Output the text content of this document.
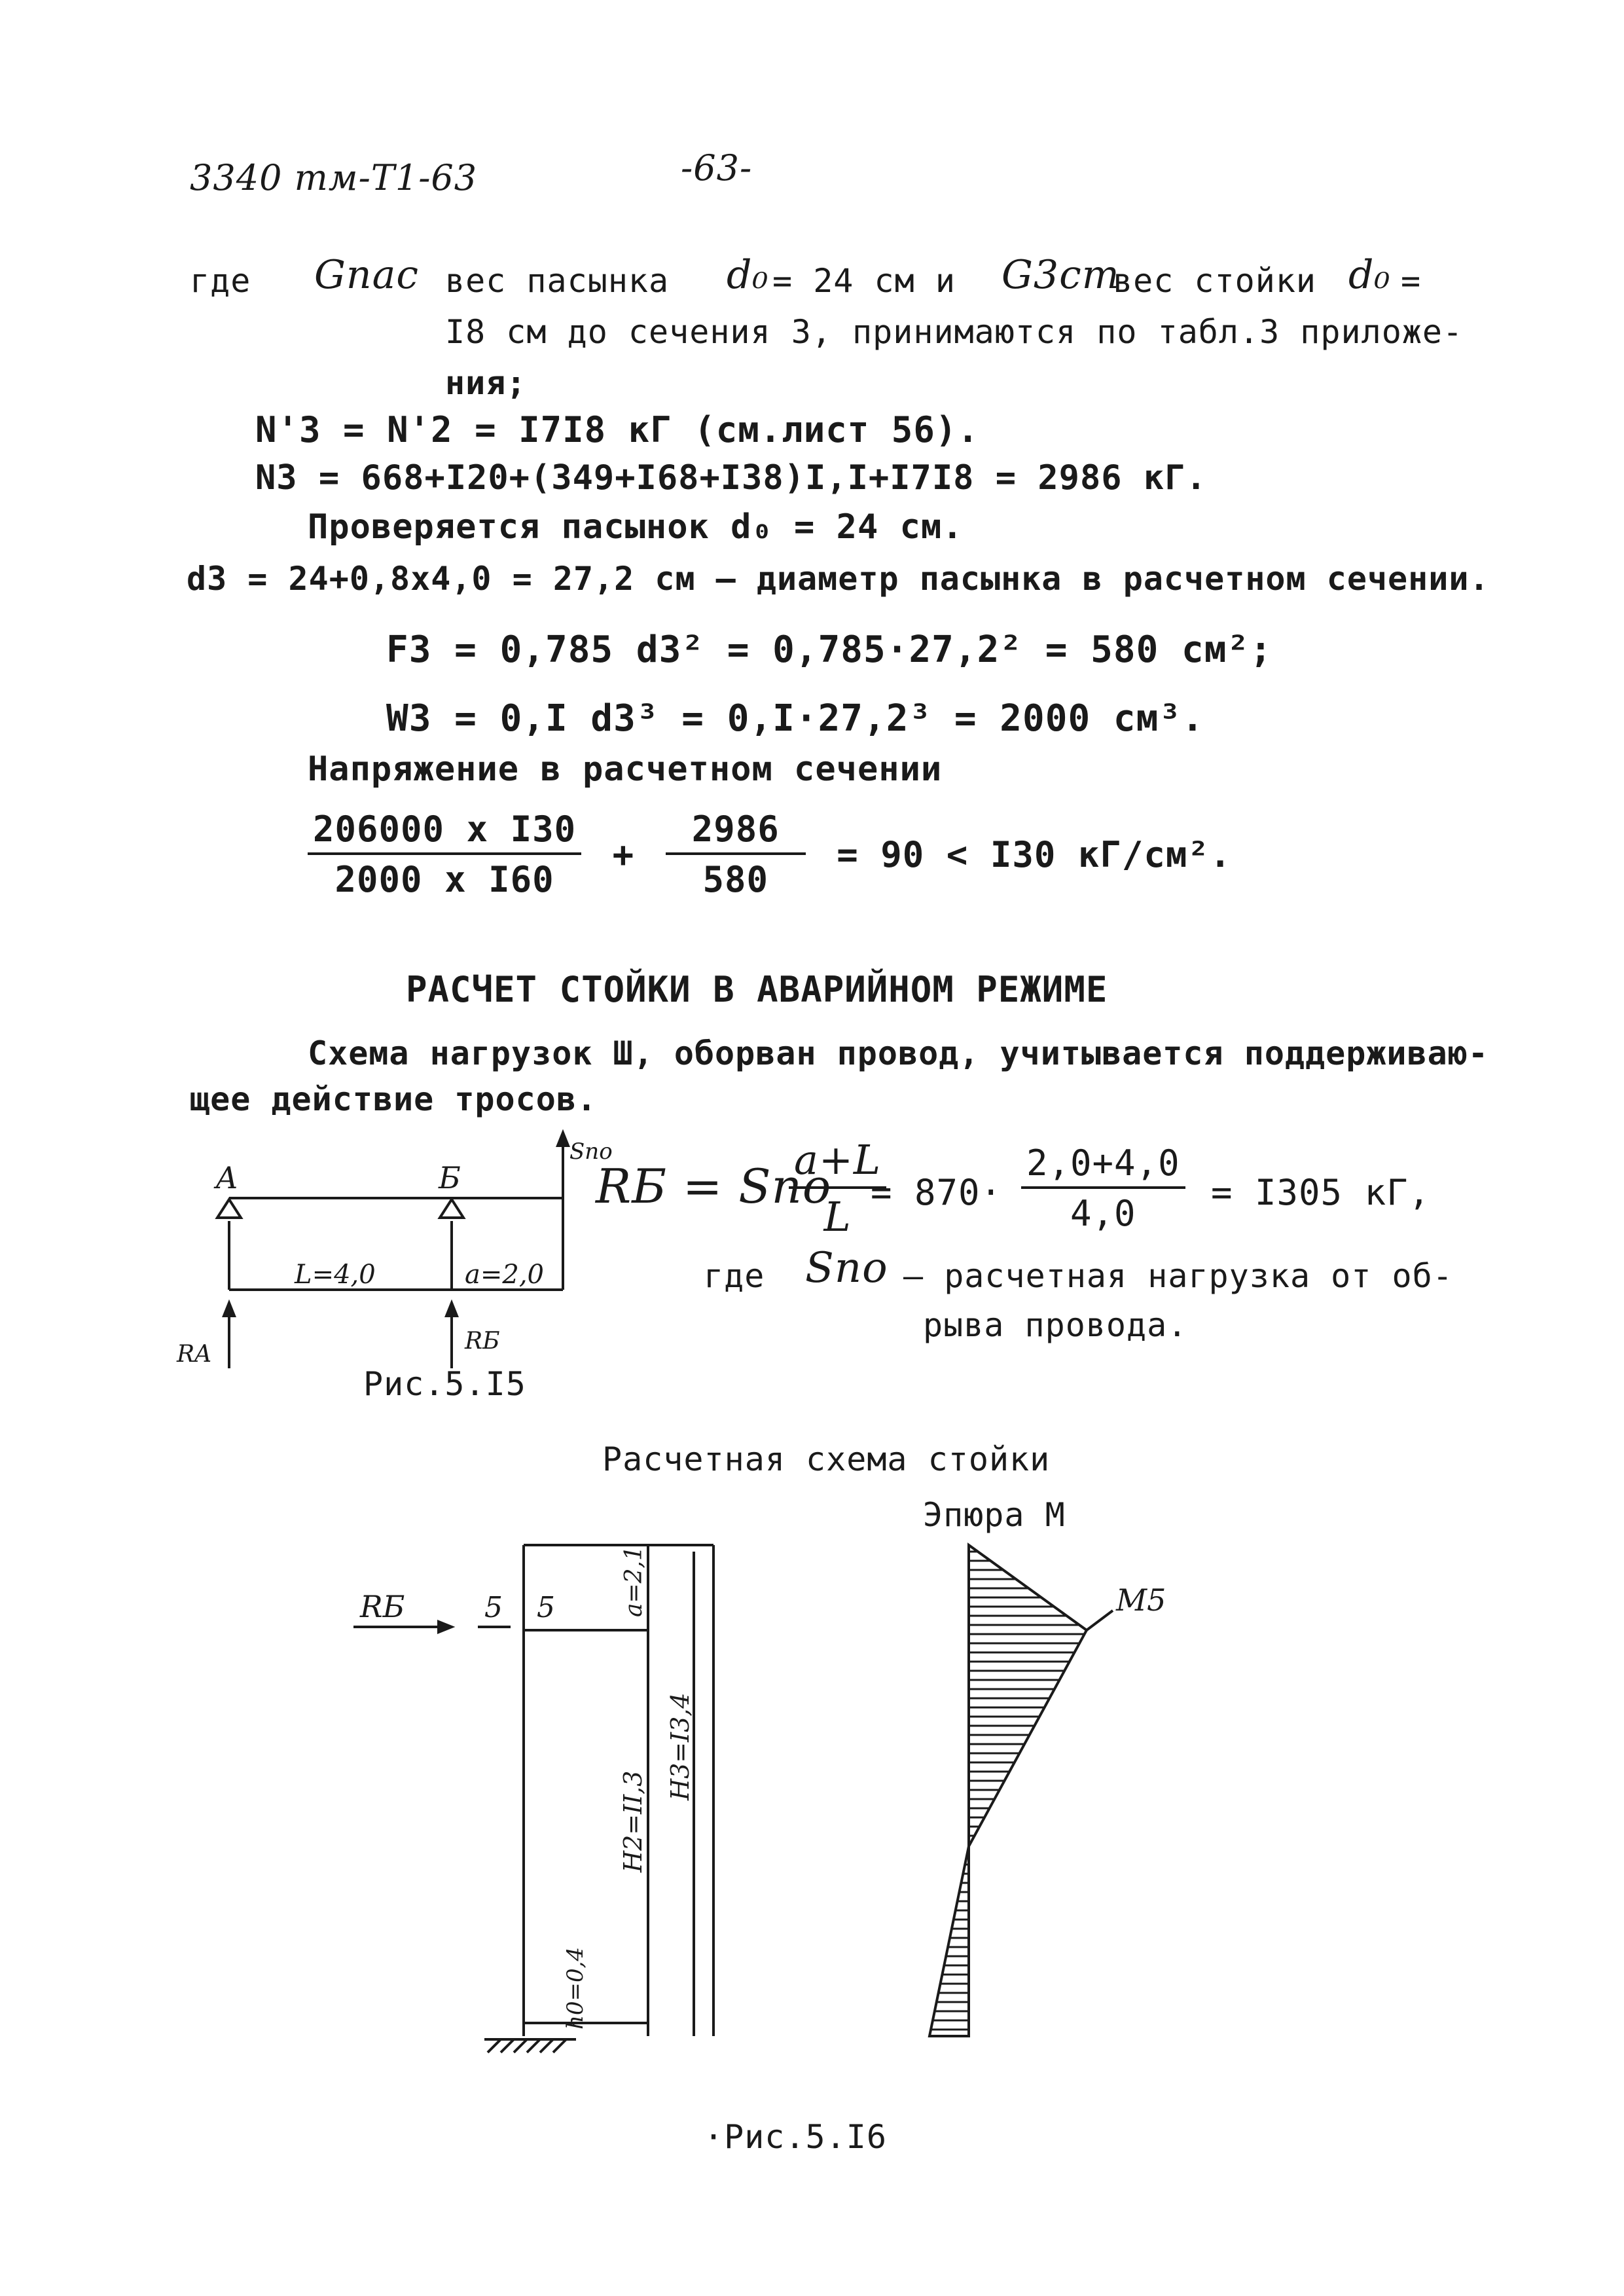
3340 тм-Т1-63	-63-
где Gпас вес пасынка d₀ = 24 см и G3ст
вес стойки d₀ =
I8 см до сечения 3, принимаются по табл.3 приложе-
ния;
N'3 = N'2 = I7I8 кГ (см.лист 56).
N3 = 668+I20+(349+I68+I38)I,I+I7I8 = 2986 кГ.
Проверяется пасынок d₀ = 24 см.
d3 = 24+0,8x4,0 = 27,2 см – диаметр пасынка в расчетном сечении.
F3 = 0,785 d3² = 0,785·27,2² = 580 см²;
W3 = 0,I d3³ = 0,I·27,2³ = 2000 см³.
Напряжение в расчетном сечении
$\frac{\text{206000 x I30}}{\text{2000 x I60}} + \frac{2986}{580} = 90 < I30$ кГ/см².
РАСЧЕТ СТОЙКИ В АВАРИЙНОМ РЕЖИМЕ
Схема нагрузок Ш, оборван провод, учитывается поддерживаю-
щее действие тросов.
RБ = Sпо
$\frac{a+L}{L}$
= $870\cdot \frac{2,0+4,0}{4,0} = I305$ кГ,
где Sпо – расчетная нагрузка от об-
рыва провода.
A	Б
Sпо
L=4,0	a=2,0
RA	RБ
Рис.5.I5
Расчетная схема стойки
Эпюра М
RБ	5 5	a=2,1
H2=II,3
H3=I3,4
h0=0,4
M5
·Рис.5.I6
